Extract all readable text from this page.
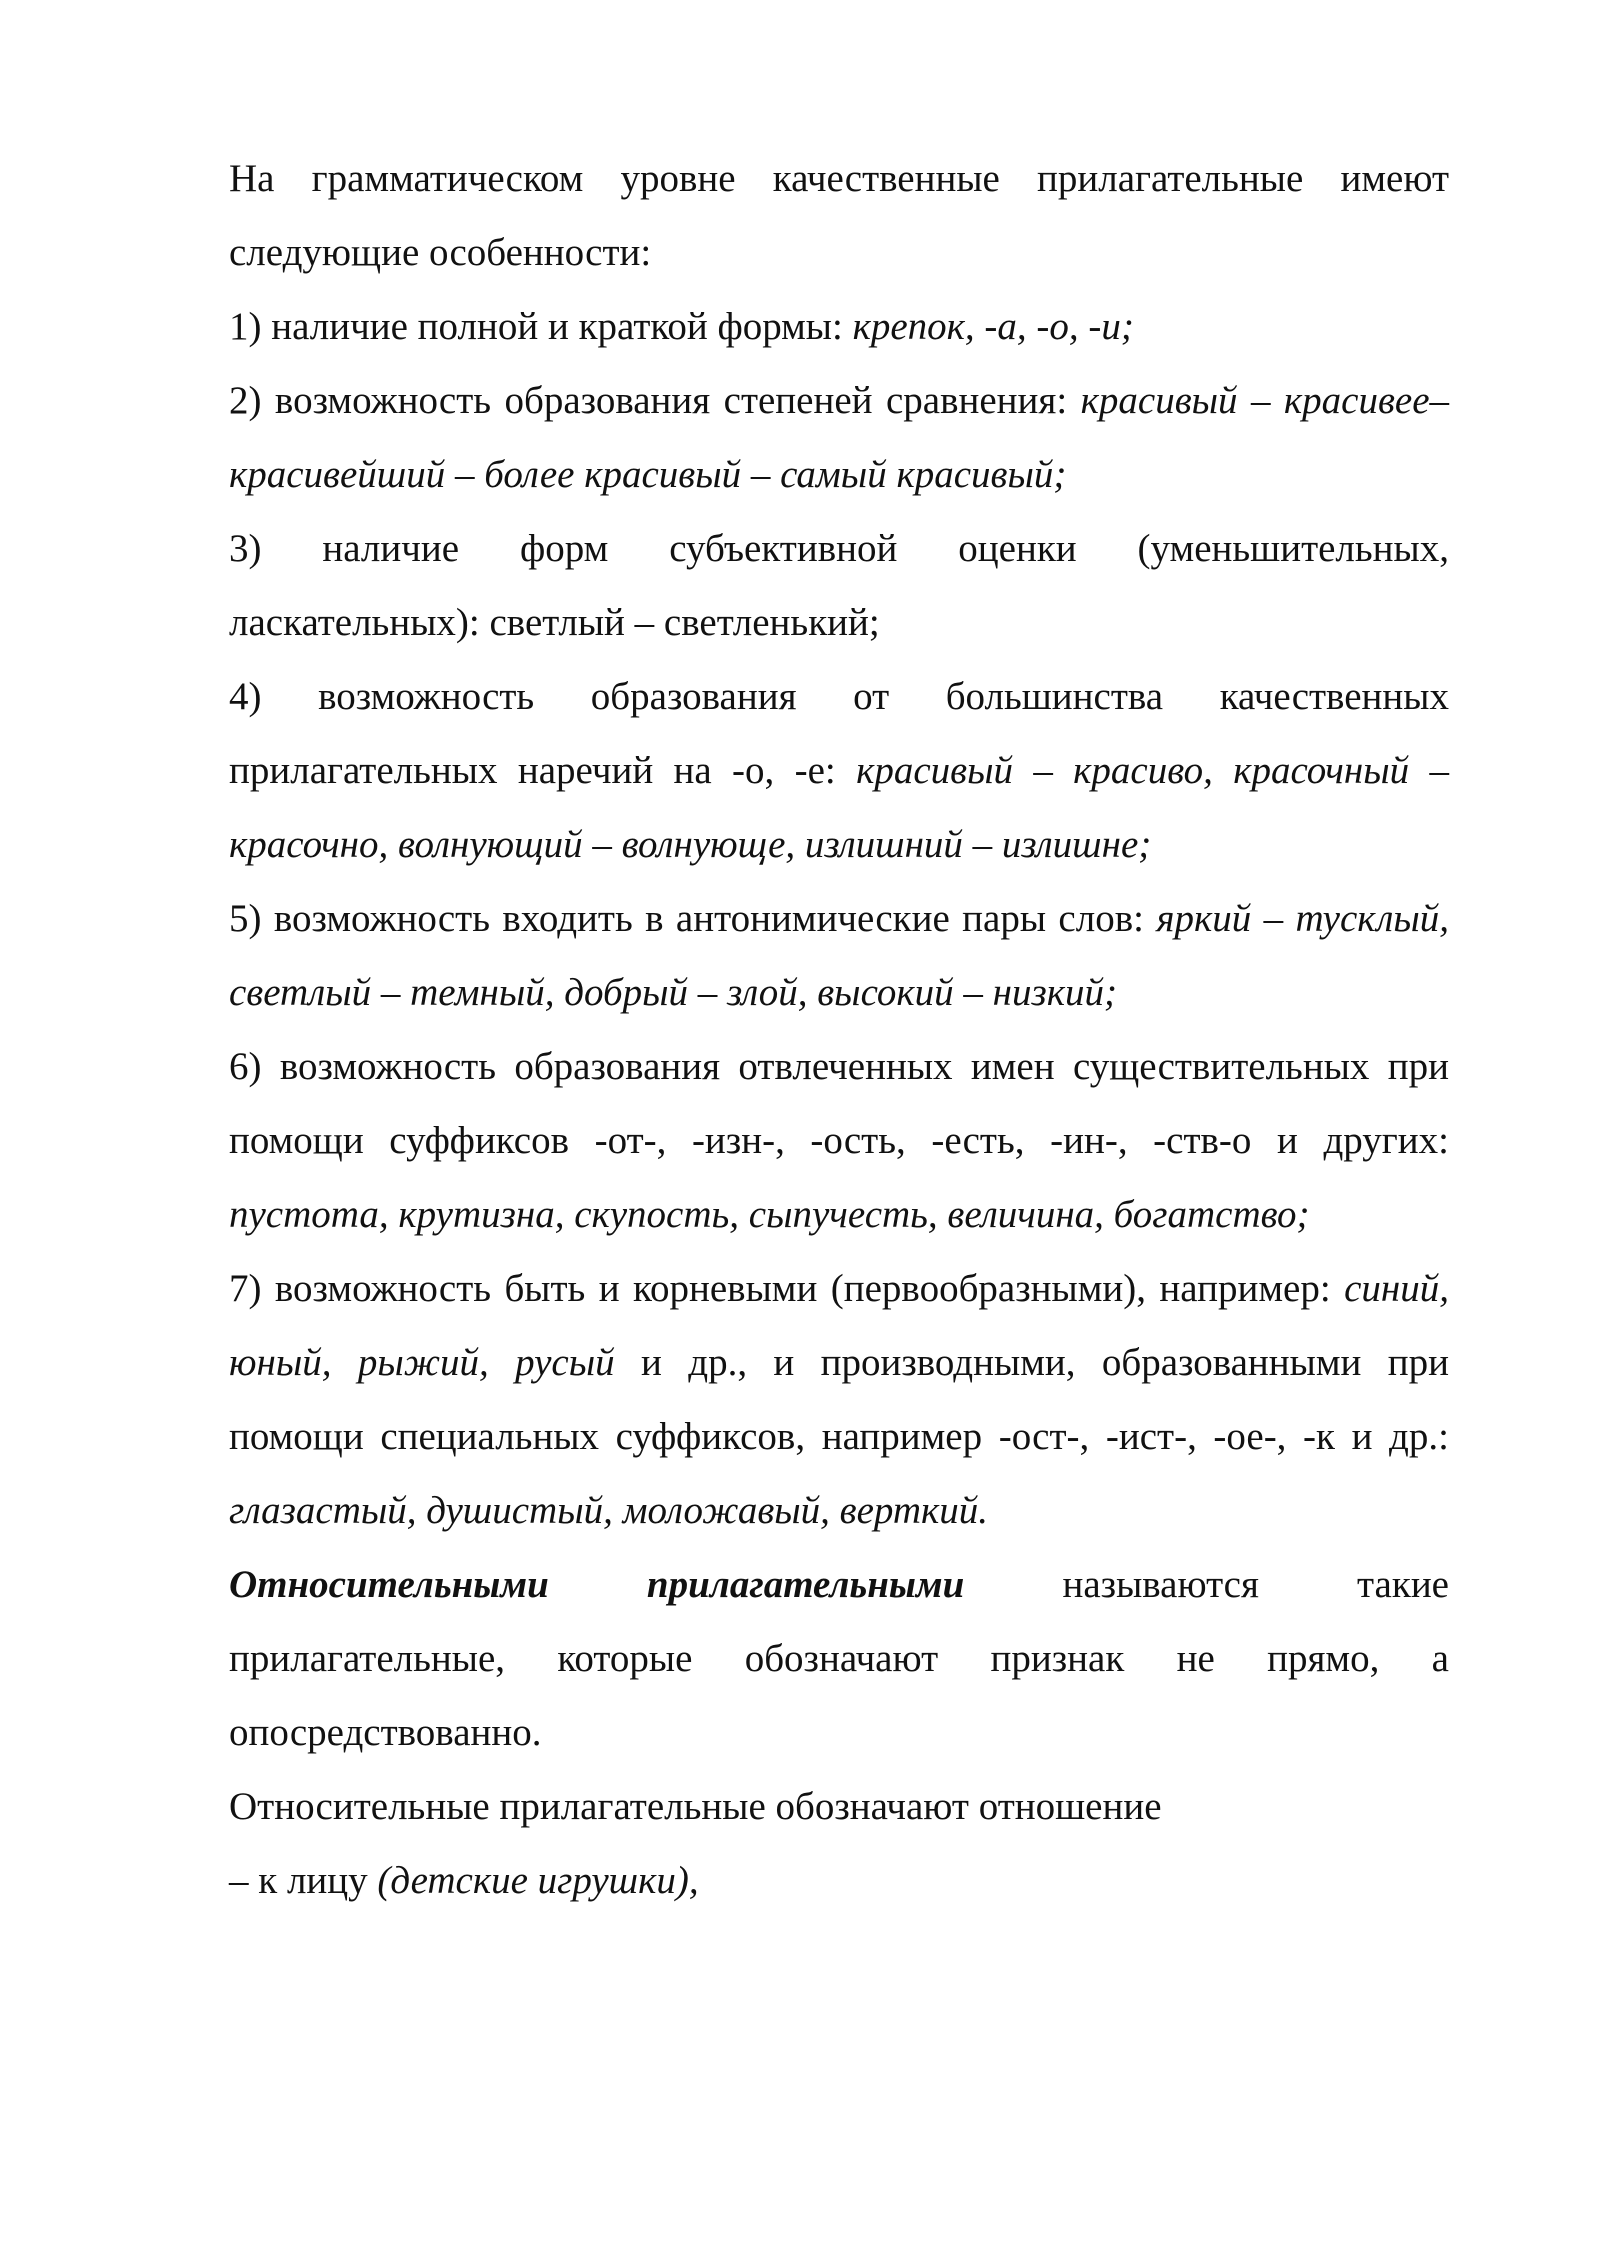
На грамматическом уровне качественные прилагательные имеют

следующие особенности:

1) наличие полной и краткой формы: крепок, -а, -о, -и;

2) возможность образования степеней сравнения: красивый – красивее– красивейший – более красивый – самый красивый;

3) наличие форм субъективной оценки (уменьшительных, ласкательных): светлый – светленький;

4) возможность образования от большинства качественных прилагательных наречий на -о, -е: красивый – красиво, красочный – красочно, волнующий – волнующе, излишний – излишне;

5) возможность входить в антонимические пары слов: яркий – тусклый, светлый – темный, добрый – злой, высокий – низкий;

6) возможность образования отвлеченных имен существительных при помощи суффиксов -от-, -изн-, -ость, -есть, -ин-, -ств-о и других: пустота, крутизна, скупость, сыпучесть, величина, богатство;

7) возможность быть и корневыми (первообразными), например: синий, юный, рыжий, русый и др., и производными, образованными при помощи специальных суффиксов, например -ост-, -ист-, -ое-, -к и др.: глазастый, душистый, моложавый, верткий.

Относительными прилагательными называются такие прилагательные, которые обозначают признак не прямо, а опосредствованно.

Относительные прилагательные обозначают отношение

– к лицу (детские игрушки),
